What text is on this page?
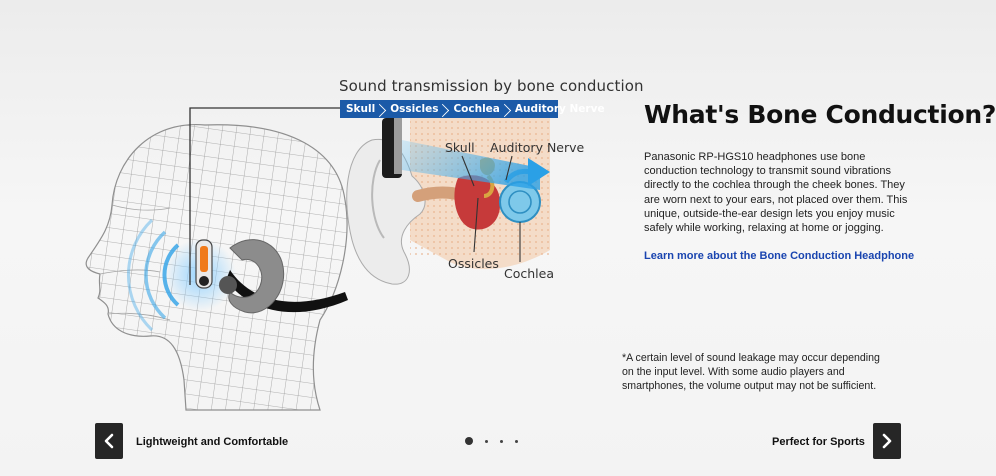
Sound transmission by bone conduction
Skull	Ossicles	Cochlea	Auditory Nerve
Skull Auditory Nerve
Ossicles
Cochlea
What's Bone Conduction?

Panasonic RP-HGS10 headphones use bone conduction technology to transmit sound vibrations directly to the cochlea through the cheek bones. They are worn next to your ears, not placed over them. This unique, outside-the-ear design lets you enjoy music safely while working, relaxing at home or jogging.

Learn more about the Bone Conduction Headphone

*A certain level of sound leakage may occur depending on the input level. With some audio players and smartphones, the volume output may not be sufficient.

Lightweight and Comfortable	Perfect for Sports
